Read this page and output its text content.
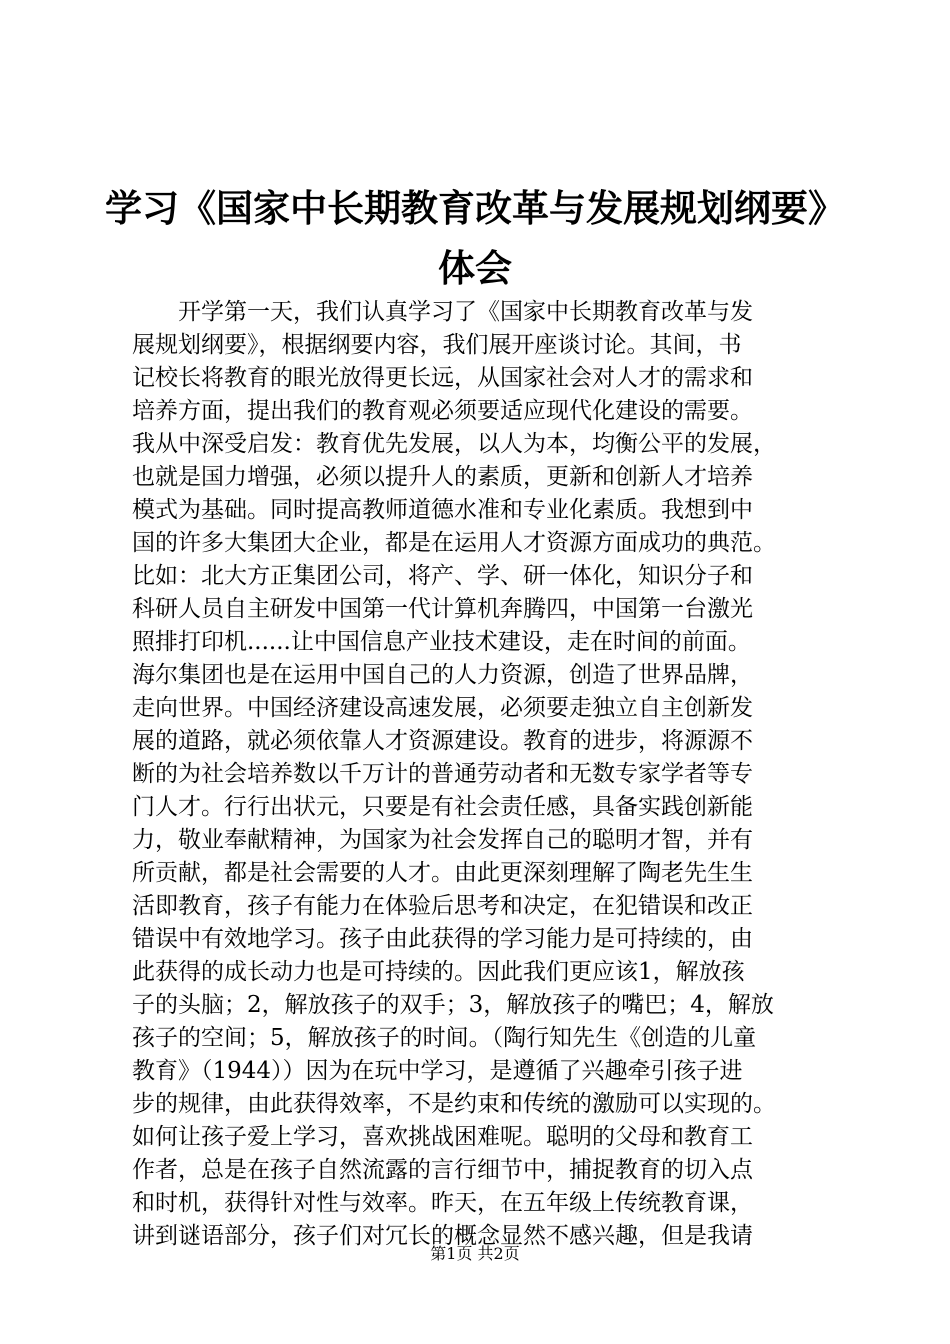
学习《国家中长期教育改革与发展规划纲要》
体会
　　开学第一天，我们认真学习了《国家中长期教育改革与发
展规划纲要》，根据纲要内容，我们展开座谈讨论。其间，书
记校长将教育的眼光放得更长远，从国家社会对人才的需求和
培养方面，提出我们的教育观必须要适应现代化建设的需要。
我从中深受启发：教育优先发展，以人为本，均衡公平的发展，
也就是国力增强，必须以提升人的素质，更新和创新人才培养
模式为基础。同时提高教师道德水准和专业化素质。我想到中
国的许多大集团大企业，都是在运用人才资源方面成功的典范。
比如：北大方正集团公司，将产、学、研一体化，知识分子和
科研人员自主研发中国第一代计算机奔腾四，中国第一台激光
照排打印机......让中国信息产业技术建设，走在时间的前面。
海尔集团也是在运用中国自己的人力资源，创造了世界品牌，
走向世界。中国经济建设高速发展，必须要走独立自主创新发
展的道路，就必须依靠人才资源建设。教育的进步，将源源不
断的为社会培养数以千万计的普通劳动者和无数专家学者等专
门人才。行行出状元，只要是有社会责任感，具备实践创新能
力，敬业奉献精神，为国家为社会发挥自己的聪明才智，并有
所贡献，都是社会需要的人才。由此更深刻理解了陶老先生生
活即教育，孩子有能力在体验后思考和决定，在犯错误和改正
错误中有效地学习。孩子由此获得的学习能力是可持续的，由
此获得的成长动力也是可持续的。因此我们更应该1，解放孩
子的头脑；2，解放孩子的双手；3，解放孩子的嘴巴；4，解放
孩子的空间；5，解放孩子的时间。（陶行知先生《创造的儿童
教育》（1944））因为在玩中学习，是遵循了兴趣牵引孩子进
步的规律，由此获得效率，不是约束和传统的激励可以实现的。
如何让孩子爱上学习，喜欢挑战困难呢。聪明的父母和教育工
作者，总是在孩子自然流露的言行细节中，捕捉教育的切入点
和时机，获得针对性与效率。昨天，在五年级上传统教育课，
讲到谜语部分，孩子们对冗长的概念显然不感兴趣，但是我请
第1页 共2页
